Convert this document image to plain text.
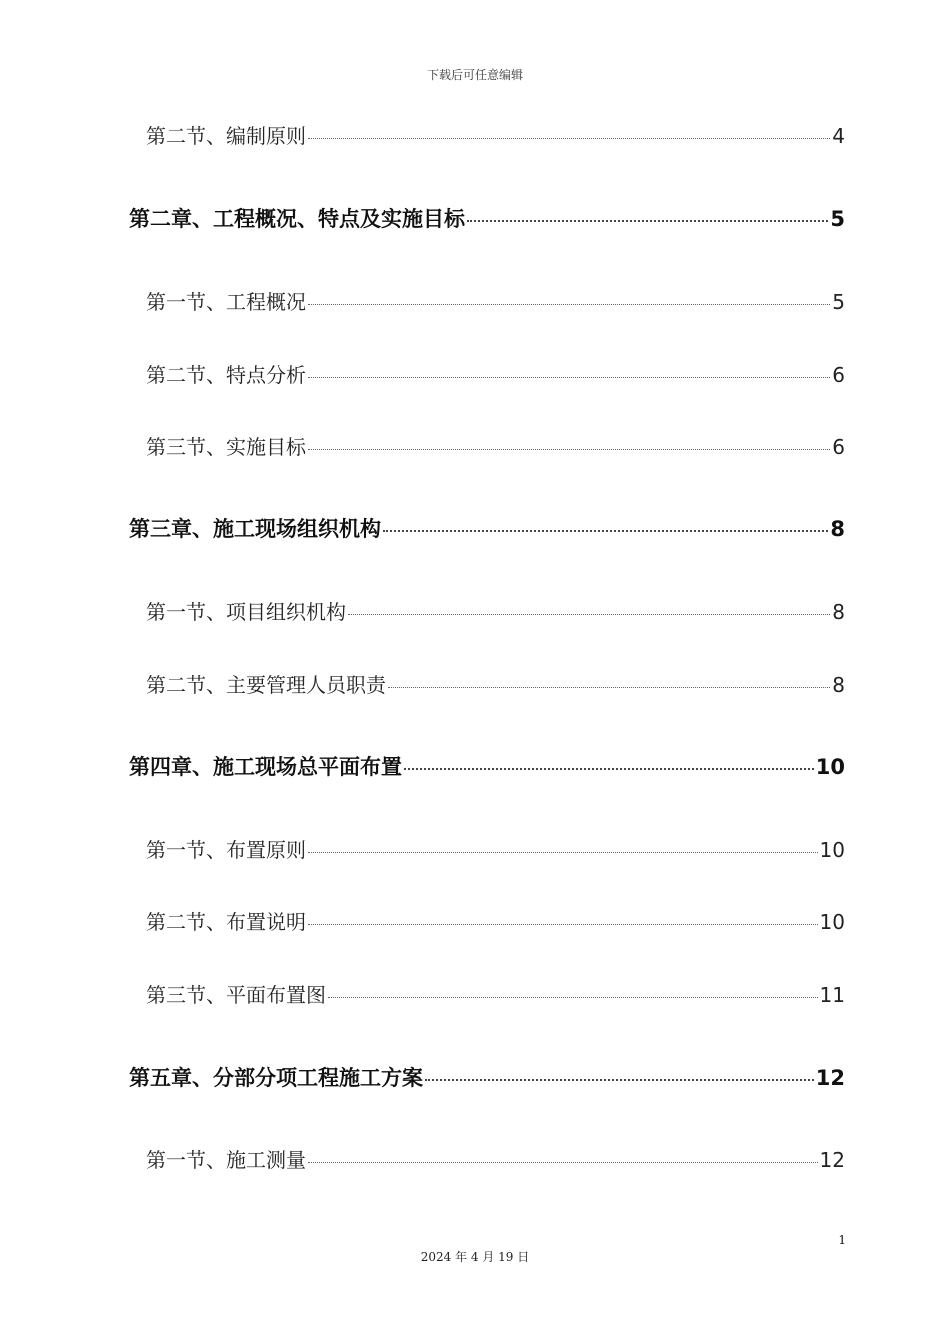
下载后可任意编辑
第二节、编制原则	4
第二章、工程概况、特点及实施目标	5
第一节、工程概况	5
第二节、特点分析	6
第三节、实施目标	6
第三章、施工现场组织机构	8
第一节、项目组织机构	8
第二节、主要管理人员职责	8
第四章、施工现场总平面布置	10
第一节、布置原则	10
第二节、布置说明	10
第三节、平面布置图	11
第五章、分部分项工程施工方案	12
第一节、施工测量	12
1
2024 年 4 月 19 日
